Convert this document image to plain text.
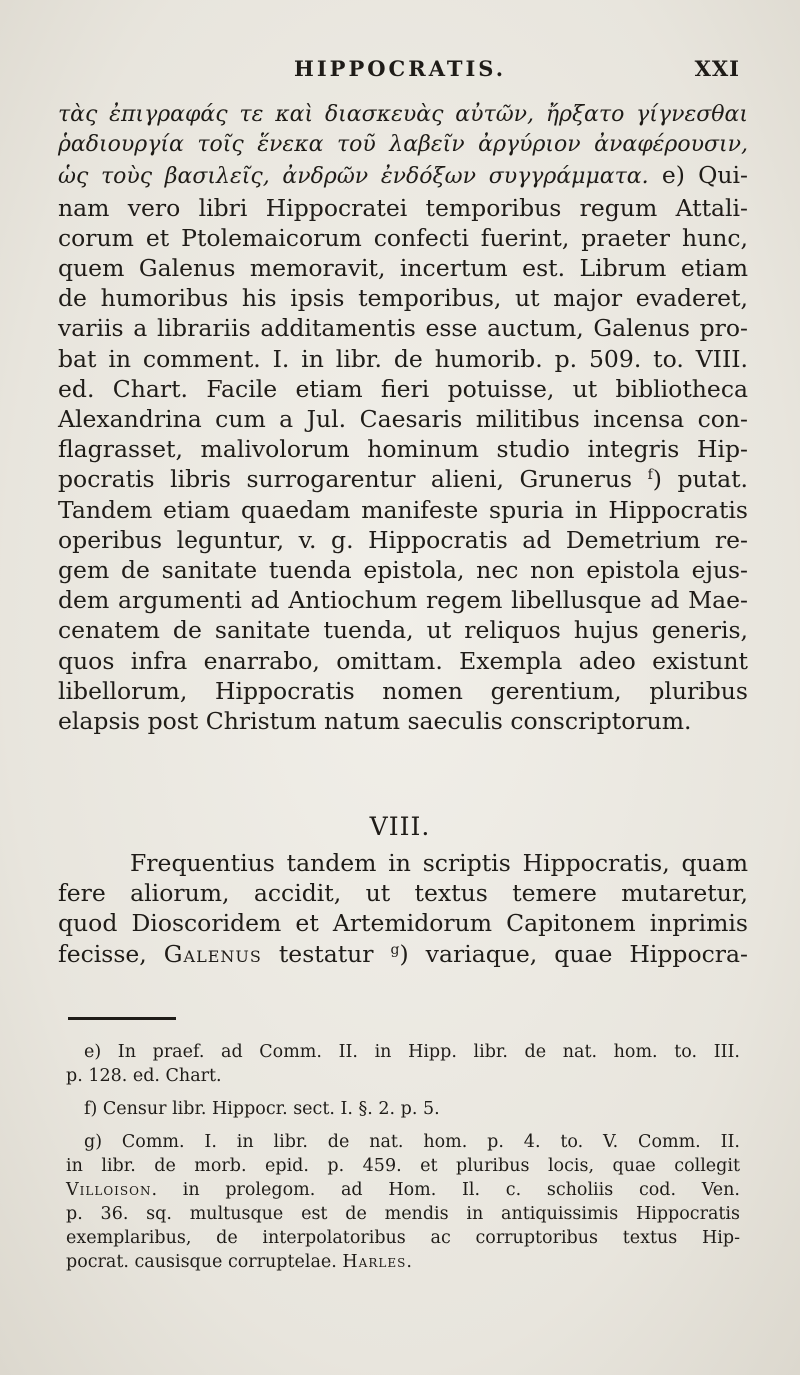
HIPPOCRATIS.	XXI
τὰς ἐπιγραφάς τε καὶ διασκευὰς αὐτῶν, ἤρξατο γίγνεσθαι
ῥαδιουργία τοῖς ἕνεκα τοῦ λαβεῖν ἀργύριον ἀναφέρουσιν,
ὡς τοὺς βασιλεῖς, ἀνδρῶν ἐνδόξων συγγράμματα. e) Qui-
nam vero libri Hippocratei temporibus regum Attali-
corum et Ptolemaicorum confecti fuerint, praeter hunc,
quem Galenus memoravit, incertum est. Librum etiam
de humoribus his ipsis temporibus, ut major evaderet,
variis a librariis additamentis esse auctum, Galenus pro-
bat in comment. I. in libr. de humorib. p. 509. to. VIII.
ed. Chart. Facile etiam fieri potuisse, ut bibliotheca
Alexandrina cum a Jul. Caesaris militibus incensa con-
flagrasset, malivolorum hominum studio integris Hip-
pocratis libris surrogarentur alieni, Grunerus $^f$) putat.
Tandem etiam quaedam manifeste spuria in Hippocratis
operibus leguntur, v. g. Hippocratis ad Demetrium re-
gem de sanitate tuenda epistola, nec non epistola ejus-
dem argumenti ad Antiochum regem libellusque ad Mae-
cenatem de sanitate tuenda, ut reliquos hujus generis,
quos infra enarrabo, omittam. Exempla adeo existunt
libellorum, Hippocratis nomen gerentium, pluribus
elapsis post Christum natum saeculis conscriptorum.
VIII.
Frequentius tandem in scriptis Hippocratis, quam
fere aliorum, accidit, ut textus temere mutaretur,
quod Dioscoridem et Artemidorum Capitonem inprimis
fecisse, Galenus testatur $^g$) variaque, quae Hippocra-
e) In praef. ad Comm. II. in Hipp. libr. de nat. hom. to. III.
p. 128. ed. Chart.
f) Censur libr. Hippocr. sect. I. §. 2. p. 5.
g) Comm. I. in libr. de nat. hom. p. 4. to. V. Comm. II.
in libr. de morb. epid. p. 459. et pluribus locis, quae collegit
Villoison. in prolegom. ad Hom. Il. c. scholiis cod. Ven.
p. 36. sq. multusque est de mendis in antiquissimis Hippocratis
exemplaribus, de interpolatoribus ac corruptoribus textus Hip-
pocrat. causisque corruptelae. Harles.
